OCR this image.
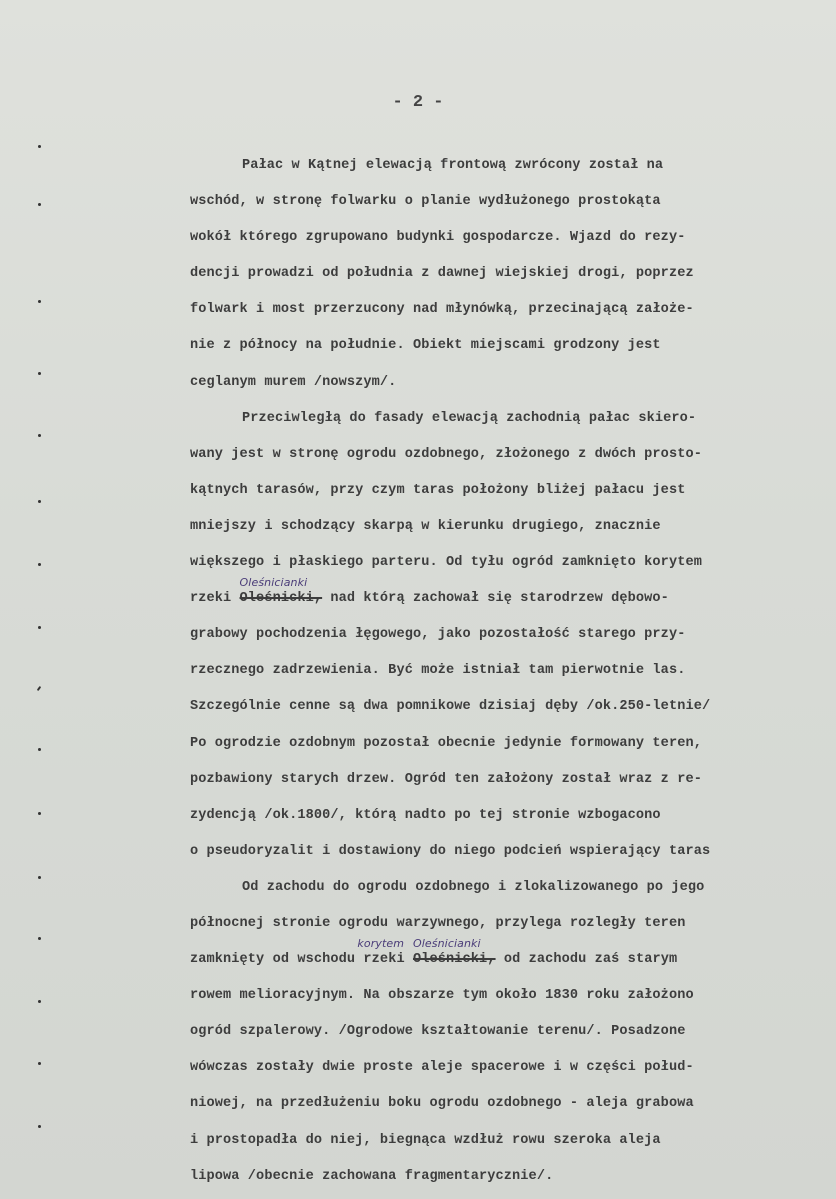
- 2 -
Pałac w Kątnej elewacją frontową zwrócony został na
wschód, w stronę folwarku o planie wydłużonego prostokąta
wokół którego zgrupowano budynki gospodarcze. Wjazd do rezy-
dencji prowadzi od południa z dawnej wiejskiej drogi, poprzez
folwark i most przerzucony nad młynówką, przecinającą założe-
nie z północy na południe. Obiekt miejscami grodzony jest
ceglanym murem /nowszym/.
Przeciwległą do fasady elewacją zachodnią pałac skiero-
wany jest w stronę ogrodu ozdobnego, złożonego z dwóch prosto-
kątnych tarasów, przy czym taras położony bliżej pałacu jest
mniejszy i schodzący skarpą w kierunku drugiego, znacznie
większego i płaskiego parteru. Od tyłu ogród zamknięto korytem
rzeki
Oleśnicianki
Oleśnicki, nad którą zachował się starodrzew dębowo-
grabowy pochodzenia łęgowego, jako pozostałość starego przy-
rzecznego zadrzewienia. Być może istniał tam pierwotnie las.
Szczególnie cenne są dwa pomnikowe dzisiaj dęby /ok.250-letnie/
Po ogrodzie ozdobnym pozostał obecnie jedynie formowany teren,
pozbawiony starych drzew. Ogród ten założony został wraz z re-
zydencją /ok.1800/, którą nadto po tej stronie wzbogacono
o pseudoryzalit i dostawiony do niego podcień wspierający taras
Od zachodu do ogrodu ozdobnego i zlokalizowanego po jego
północnej stronie ogrodu warzywnego, przylega rozległy teren
zamknięty od wschodu
korytem
rzeki
Oleśnicianki
Oleśnicki, od zachodu zaś starym
rowem melioracyjnym. Na obszarze tym około 1830 roku założono
ogród szpalerowy. /Ogrodowe kształtowanie terenu/. Posadzone
wówczas zostały dwie proste aleje spacerowe i w części połud-
niowej, na przedłużeniu boku ogrodu ozdobnego - aleja grabowa
i prostopadła do niej, biegnąca wzdłuż rowu szeroka aleja
lipowa /obecnie zachowana fragmentarycznie/.
